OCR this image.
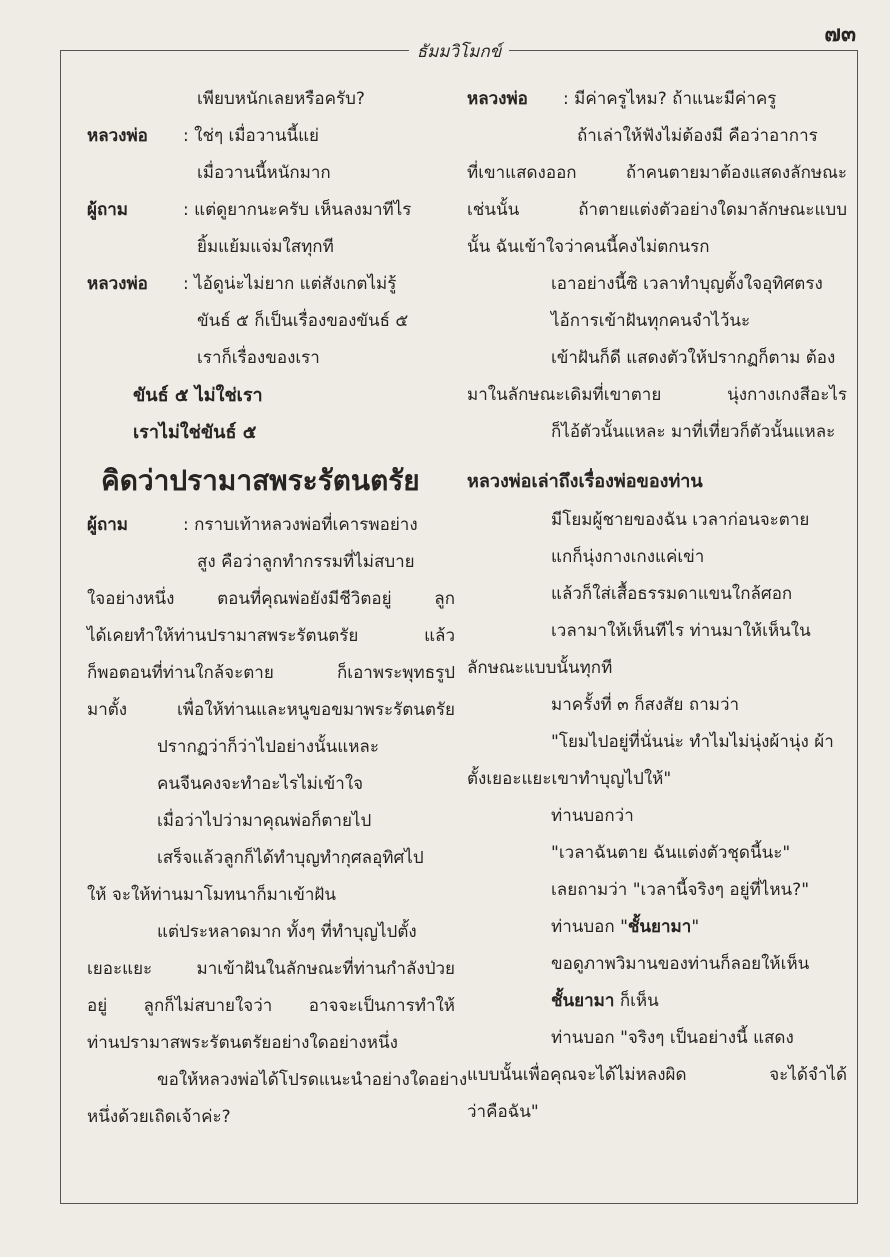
๗๓
ธัมมวิโมกข์

เพียบหนักเลยหรือครับ?

หลวงพ่อ	: ใช่ๆ เมื่อวานนี้แย่
เมื่อวานนี้หนักมาก
ผู้ถาม	: แต่ดูยากนะครับ เห็นลงมาทีไร
ยิ้มแย้มแจ่มใสทุกที
หลวงพ่อ	: ไอ้ดูน่ะไม่ยาก แต่สังเกตไม่รู้
ขันธ์ ๕ ก็เป็นเรื่องของขันธ์ ๕
เราก็เรื่องของเรา

ขันธ์ ๕ ไม่ใช่เรา

เราไม่ใช่ขันธ์ ๕

คิดว่าปรามาสพระรัตนตรัย
ผู้ถาม	: กราบเท้าหลวงพ่อที่เคารพอย่าง
สูง คือว่าลูกทำกรรมที่ไม่สบาย

ใจอย่างหนึ่ง ตอนที่คุณพ่อยังมีชีวิตอยู่ ลูก

ได้เคยทำให้ท่านปรามาสพระรัตนตรัย แล้ว

ก็พอตอนที่ท่านใกล้จะตาย ก็เอาพระพุทธรูป

มาตั้ง เพื่อให้ท่านและหนูขอขมาพระรัตนตรัย

ปรากฏว่าก็ว่าไปอย่างนั้นแหละ

คนจีนคงจะทำอะไรไม่เข้าใจ

เมื่อว่าไปว่ามาคุณพ่อก็ตายไป

เสร็จแล้วลูกก็ได้ทำบุญทำกุศลอุทิศไป

ให้ จะให้ท่านมาโมทนาก็มาเข้าฝัน

แต่ประหลาดมาก ทั้งๆ ที่ทำบุญไปตั้ง

เยอะแยะ มาเข้าฝันในลักษณะที่ท่านกำลังป่วย

อยู่ ลูกก็ไม่สบายใจว่า อาจจะเป็นการทำให้

ท่านปรามาสพระรัตนตรัยอย่างใดอย่างหนึ่ง

ขอให้หลวงพ่อได้โปรดแนะนำอย่างใดอย่าง

หนึ่งด้วยเถิดเจ้าค่ะ?

หลวงพ่อ	: มีค่าครูไหม? ถ้าแนะมีค่าครู

ถ้าเล่าให้ฟังไม่ต้องมี คือว่าอาการ

ที่เขาแสดงออก ถ้าคนตายมาต้องแสดงลักษณะ

เช่นนั้น ถ้าตายแต่งตัวอย่างใดมาลักษณะแบบ

นั้น ฉันเข้าใจว่าคนนี้คงไม่ตกนรก

เอาอย่างนี้ซิ เวลาทำบุญตั้งใจอุทิศตรง

ไอ้การเข้าฝันทุกคนจำไว้นะ

เข้าฝันก็ดี แสดงตัวให้ปรากฏก็ตาม ต้อง

มาในลักษณะเดิมที่เขาตาย นุ่งกางเกงสีอะไร

ก็ไอ้ตัวนั้นแหละ มาที่เที่ยวก็ตัวนั้นแหละ

หลวงพ่อเล่าถึงเรื่องพ่อของท่าน

มีโยมผู้ชายของฉัน เวลาก่อนจะตาย

แกก็นุ่งกางเกงแค่เข่า

แล้วก็ใส่เสื้อธรรมดาแขนใกล้ศอก

เวลามาให้เห็นทีไร ท่านมาให้เห็นใน

ลักษณะแบบนั้นทุกที

มาครั้งที่ ๓ ก็สงสัย ถามว่า

"โยมไปอยู่ที่นั่นน่ะ ทำไมไม่นุ่งผ้านุ่ง ผ้า

ตั้งเยอะแยะเขาทำบุญไปให้"

ท่านบอกว่า

"เวลาฉันตาย ฉันแต่งตัวชุดนี้นะ"

เลยถามว่า "เวลานี้จริงๆ อยู่ที่ไหน?"

ท่านบอก "ชั้นยามา"

ขอดูภาพวิมานของท่านก็ลอยให้เห็น

ชั้นยามา ก็เห็น

ท่านบอก "จริงๆ เป็นอย่างนี้ แสดง

แบบนั้นเพื่อคุณจะได้ไม่หลงผิด จะได้จำได้

ว่าคือฉัน"
